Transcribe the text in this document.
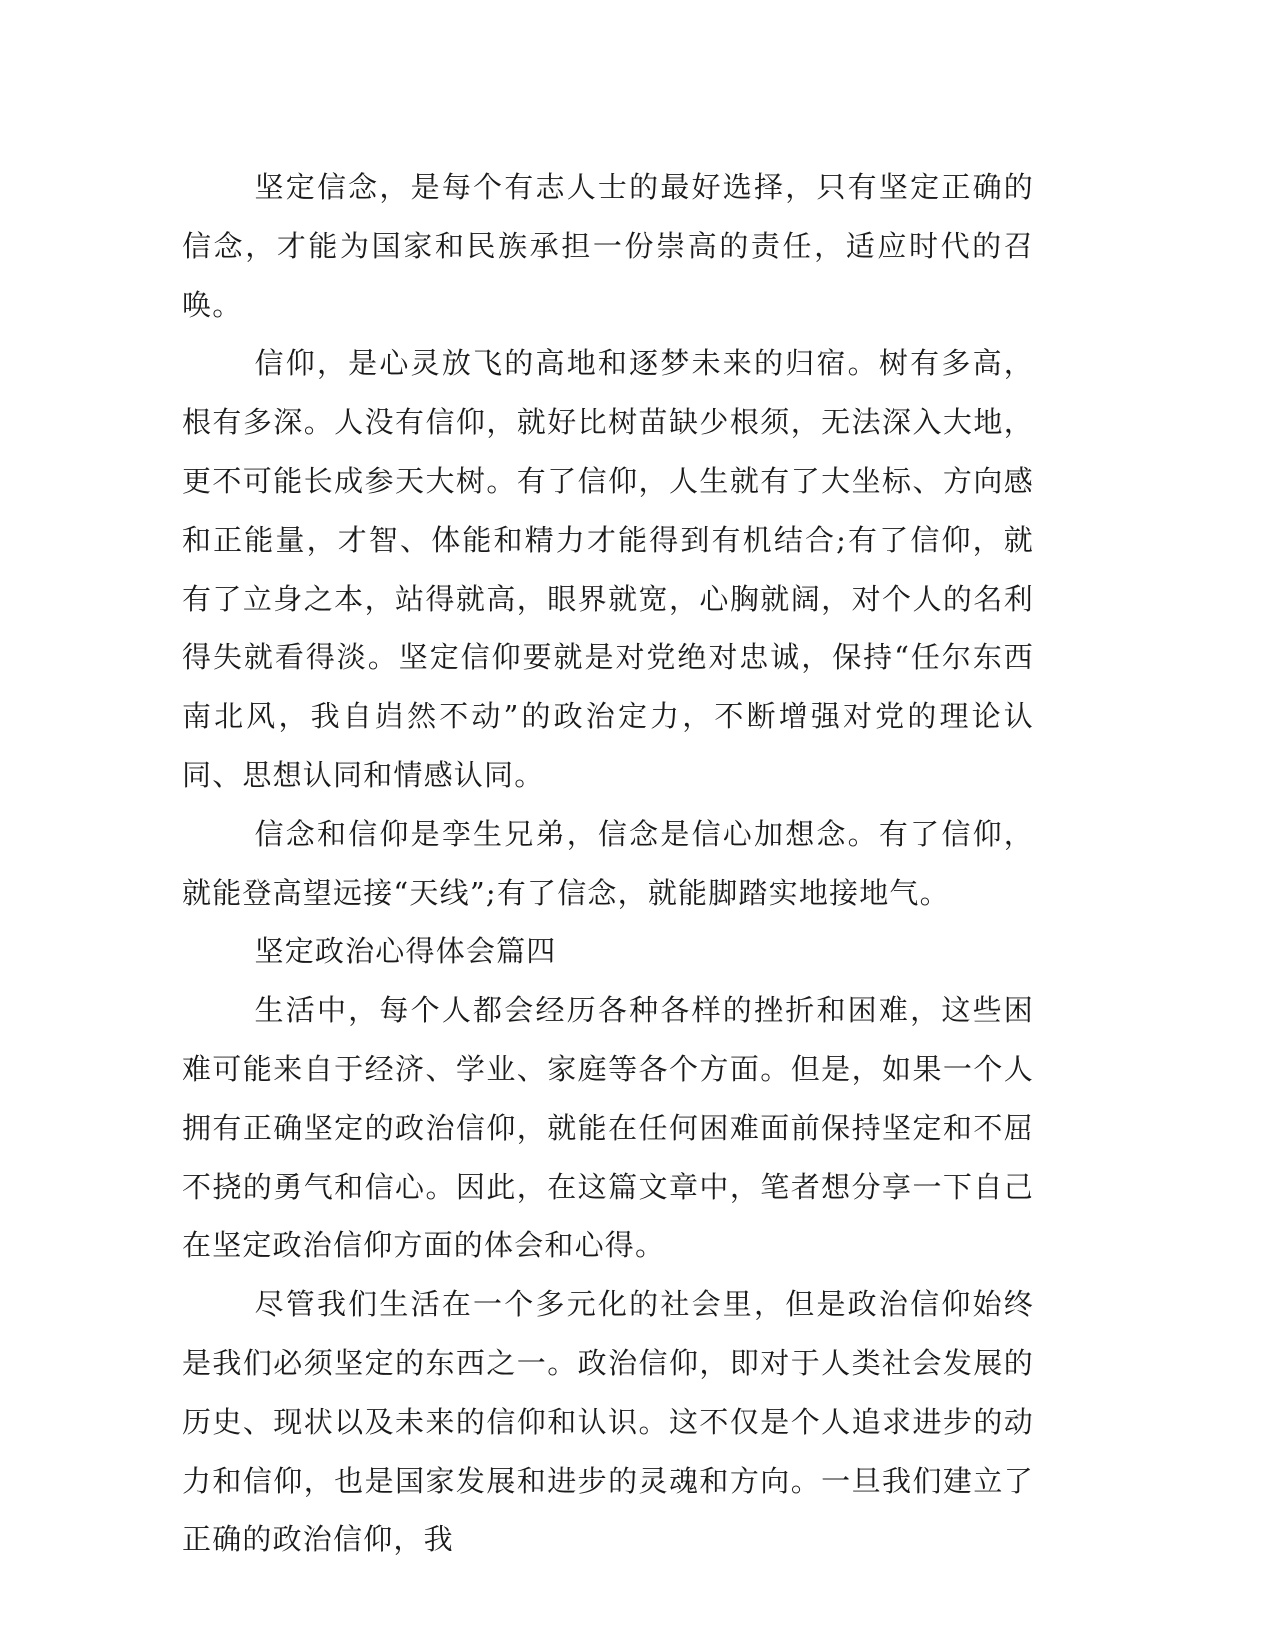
坚定信念，是每个有志人士的最好选择，只有坚定正确的信念，才能为国家和民族承担一份崇高的责任，适应时代的召唤。

信仰，是心灵放飞的高地和逐梦未来的归宿。树有多高，根有多深。人没有信仰，就好比树苗缺少根须，无法深入大地，更不可能长成参天大树。有了信仰，人生就有了大坐标、方向感和正能量，才智、体能和精力才能得到有机结合;有了信仰，就有了立身之本，站得就高，眼界就宽，心胸就阔，对个人的名利得失就看得淡。坚定信仰要就是对党绝对忠诚，保持“任尔东西南北风，我自岿然不动”的政治定力，不断增强对党的理论认同、思想认同和情感认同。

信念和信仰是孪生兄弟，信念是信心加想念。有了信仰，就能登高望远接“天线”;有了信念，就能脚踏实地接地气。

坚定政治心得体会篇四

生活中，每个人都会经历各种各样的挫折和困难，这些困难可能来自于经济、学业、家庭等各个方面。但是，如果一个人拥有正确坚定的政治信仰，就能在任何困难面前保持坚定和不屈不挠的勇气和信心。因此，在这篇文章中，笔者想分享一下自己在坚定政治信仰方面的体会和心得。

尽管我们生活在一个多元化的社会里，但是政治信仰始终是我们必须坚定的东西之一。政治信仰，即对于人类社会发展的历史、现状以及未来的信仰和认识。这不仅是个人追求进步的动力和信仰，也是国家发展和进步的灵魂和方向。一旦我们建立了正确的政治信仰，我
